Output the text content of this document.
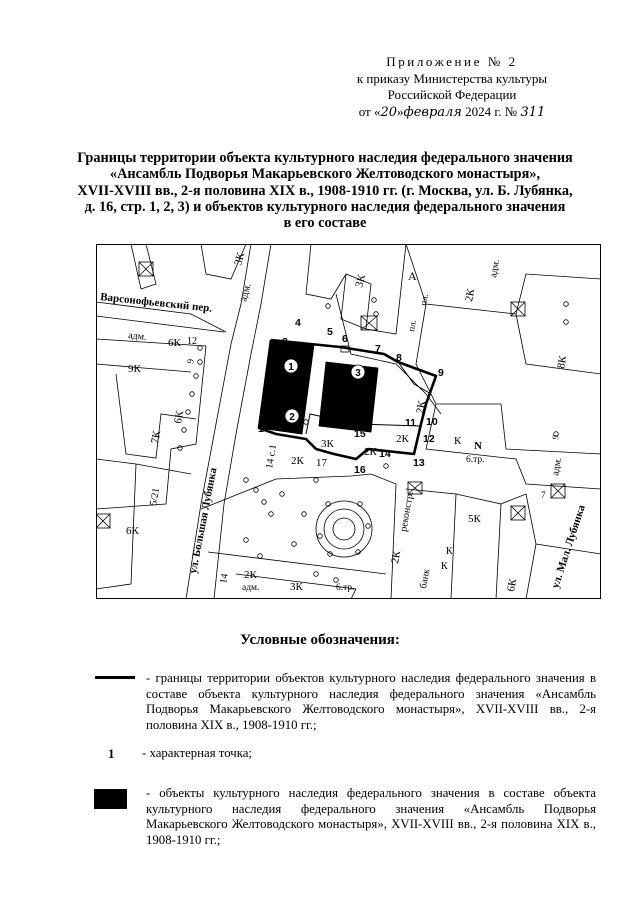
Приложение № 2
к приказу Министерства культуры
Российской Федерации
от «20»февраля 2024 г. № 311
Границы территории объекта культурного наследия федерального значения
«Ансамбль Подворья Макарьевского Желтоводского монастыря»,
XVII-XVIII вв., 2-я половина XIX в., 1908-1910 гг. (г. Москва, ул. Б. Лубянка,
д. 16, стр. 1, 2, 3) и объектов культурного наследия федерального значения
в его составе
1
2
3
1
2
3
4
5
6
7
8
9
10
11
12
13
14
15
16
Варсонофьевский пер.
ул. Большая Лубянка	ул. Мал. Лубянка
3К
адм.
3К	А
пл.
пл.
2К
адм.
адм.
6К 12
9К
6К
7К
9
5/21
6К
14 с.1 2К 17
3К
2К
2К
2К
К N
6.тр.
8К
адм.
9
7
5К
реконстр.
2К
банк
К
К
6К
14 2К
адм.	3К	6.тр.
Условные обозначения:
- границы территории объектов культурного наследия федерального значения в составе объекта культурного наследия федерального значения «Ансамбль Подворья Макарьевского Желтоводского монастыря», XVII-XVIII вв., 2-я половина XIX в., 1908-1910 гг.;
1 - характерная точка;
- объекты культурного наследия федерального значения в составе объекта культурного наследия федерального значения «Ансамбль Подворья Макарьевского Желтоводского монастыря», XVII-XVIII вв., 2-я половина XIX в., 1908-1910 гг.;
